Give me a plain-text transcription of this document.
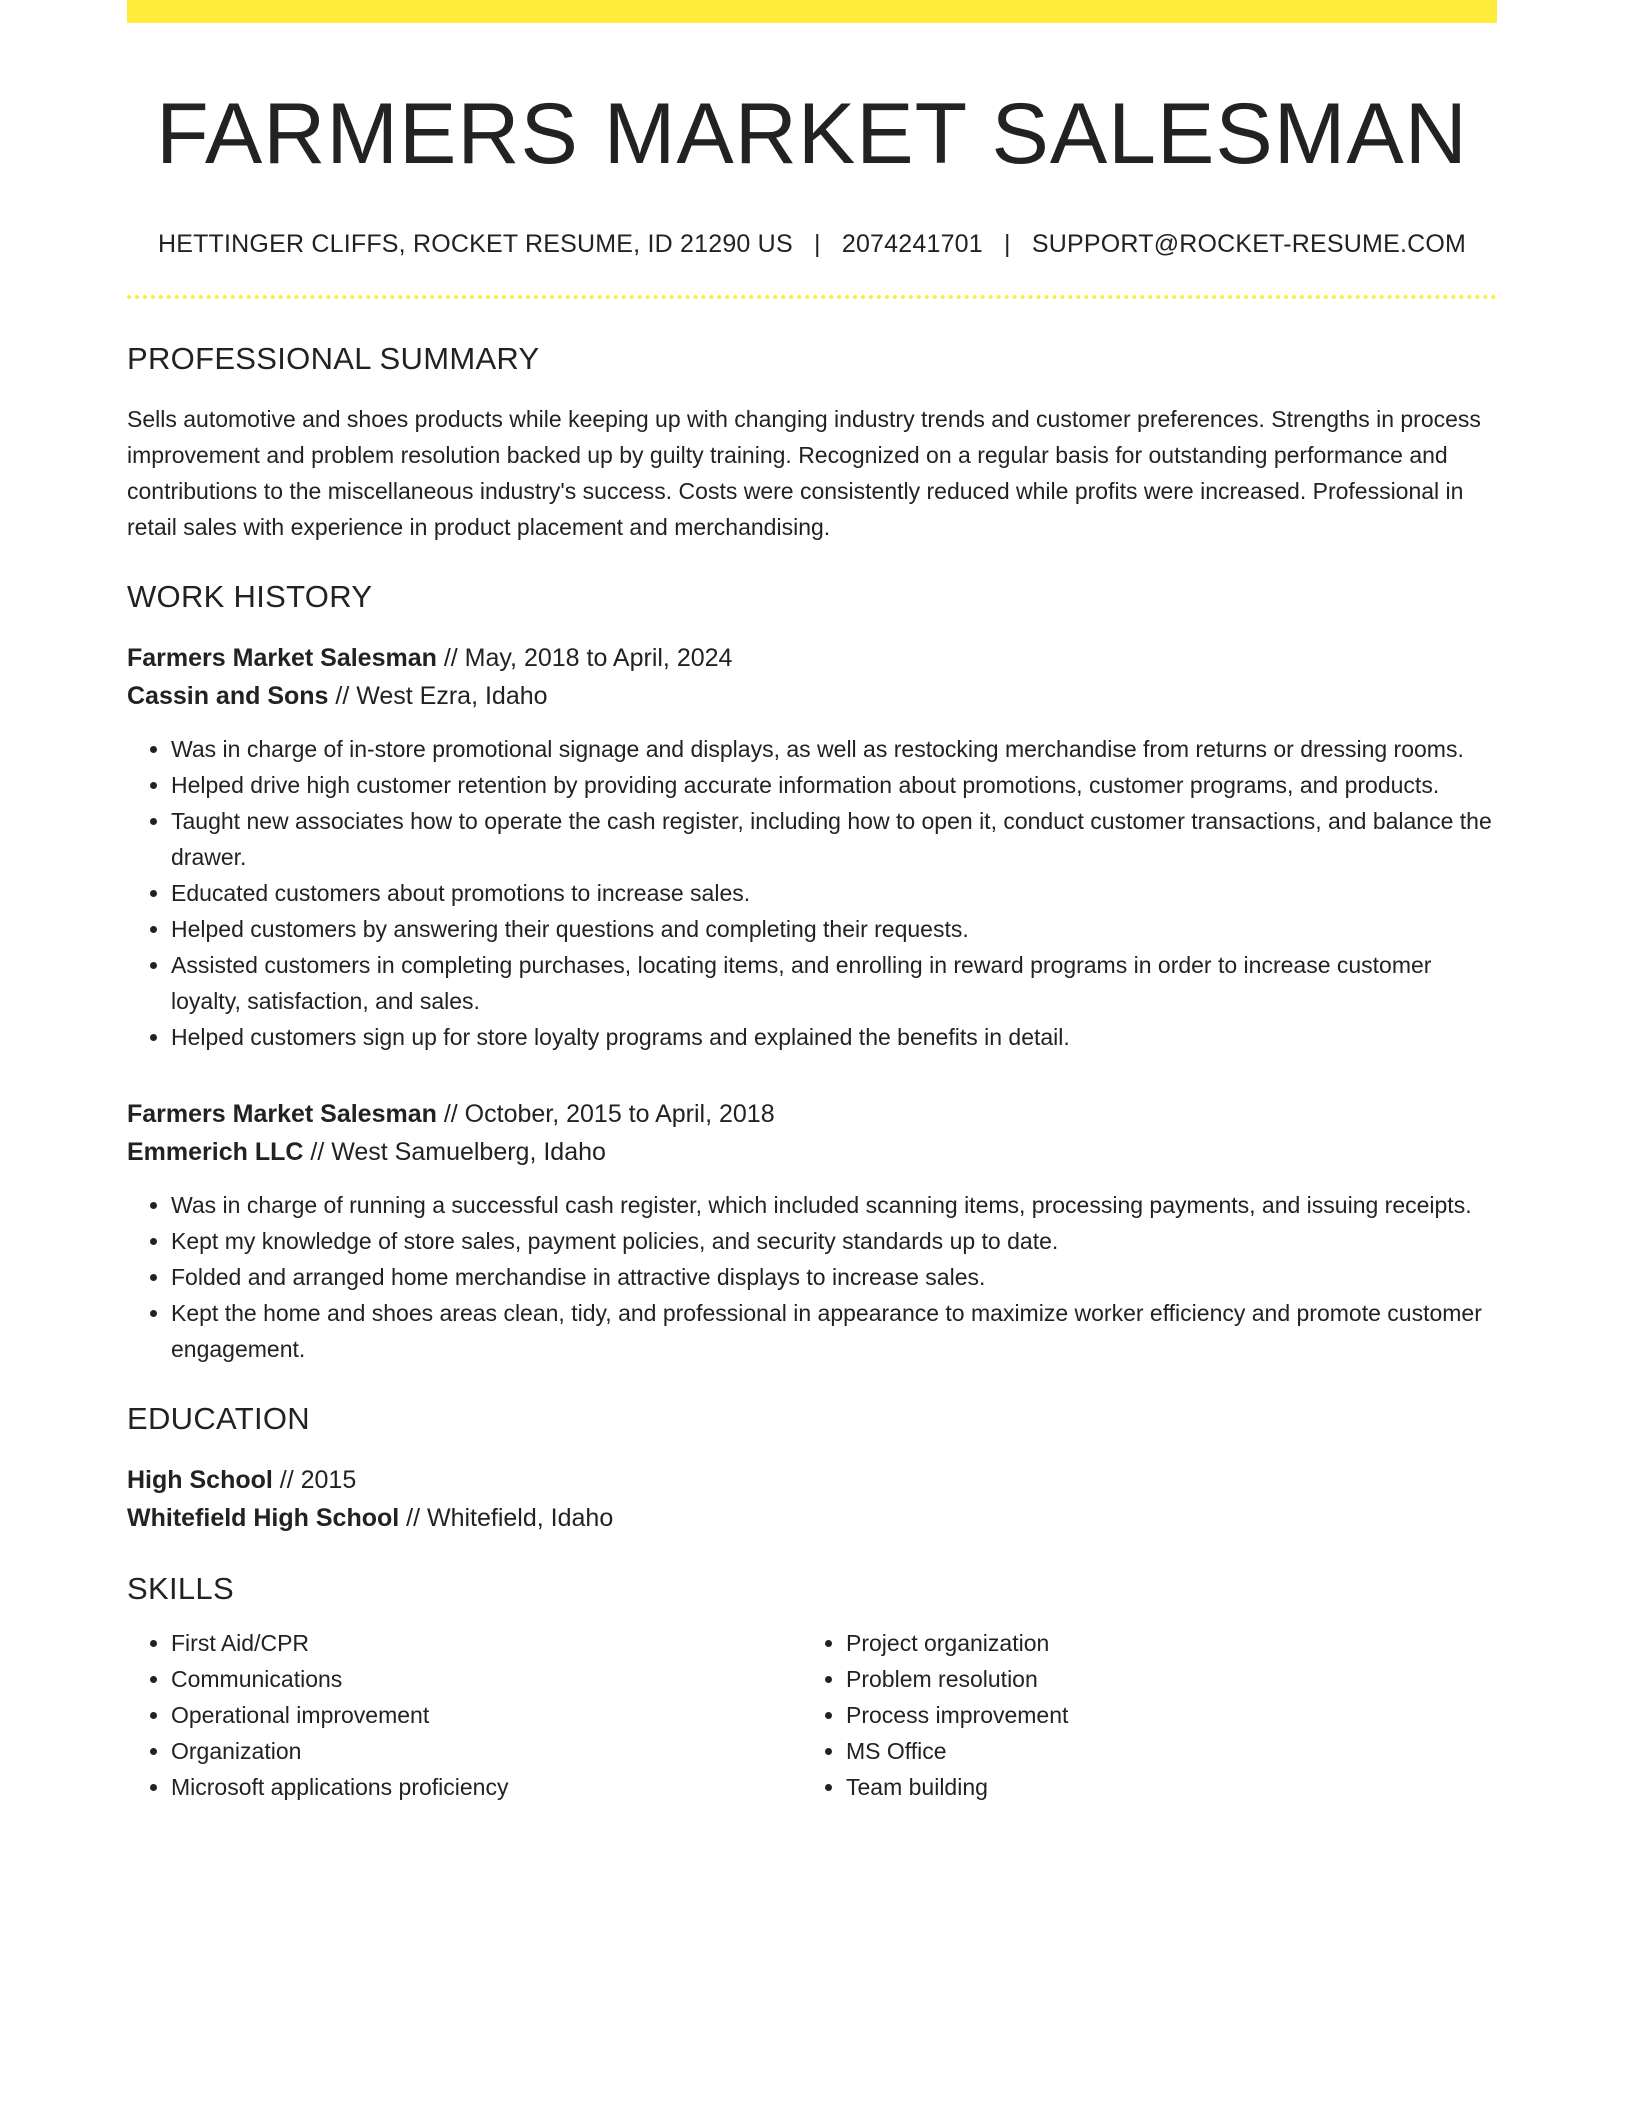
FARMERS MARKET SALESMAN
HETTINGER CLIFFS, ROCKET RESUME, ID 21290 US | 2074241701 | SUPPORT@ROCKET-RESUME.COM
PROFESSIONAL SUMMARY

Sells automotive and shoes products while keeping up with changing industry trends and customer preferences. Strengths in process improvement and problem resolution backed up by guilty training. Recognized on a regular basis for outstanding performance and contributions to the miscellaneous industry's success. Costs were consistently reduced while profits were increased. Professional in retail sales with experience in product placement and merchandising.

WORK HISTORY
Farmers Market Salesman // May, 2018 to April, 2024
Cassin and Sons // West Ezra, Idaho
• Was in charge of in-store promotional signage and displays, as well as restocking merchandise from returns or dressing rooms.
• Helped drive high customer retention by providing accurate information about promotions, customer programs, and products.
• Taught new associates how to operate the cash register, including how to open it, conduct customer transactions, and balance the drawer.
• Educated customers about promotions to increase sales.
• Helped customers by answering their questions and completing their requests.
• Assisted customers in completing purchases, locating items, and enrolling in reward programs in order to increase customer loyalty, satisfaction, and sales.
• Helped customers sign up for store loyalty programs and explained the benefits in detail.
Farmers Market Salesman // October, 2015 to April, 2018
Emmerich LLC // West Samuelberg, Idaho
• Was in charge of running a successful cash register, which included scanning items, processing payments, and issuing receipts.
• Kept my knowledge of store sales, payment policies, and security standards up to date.
• Folded and arranged home merchandise in attractive displays to increase sales.
• Kept the home and shoes areas clean, tidy, and professional in appearance to maximize worker efficiency and promote customer engagement.
EDUCATION
High School // 2015
Whitefield High School // Whitefield, Idaho
SKILLS
• First Aid/CPR
• Communications
• Operational improvement
• Organization
• Microsoft applications proficiency
• Project organization
• Problem resolution
• Process improvement
• MS Office
• Team building
